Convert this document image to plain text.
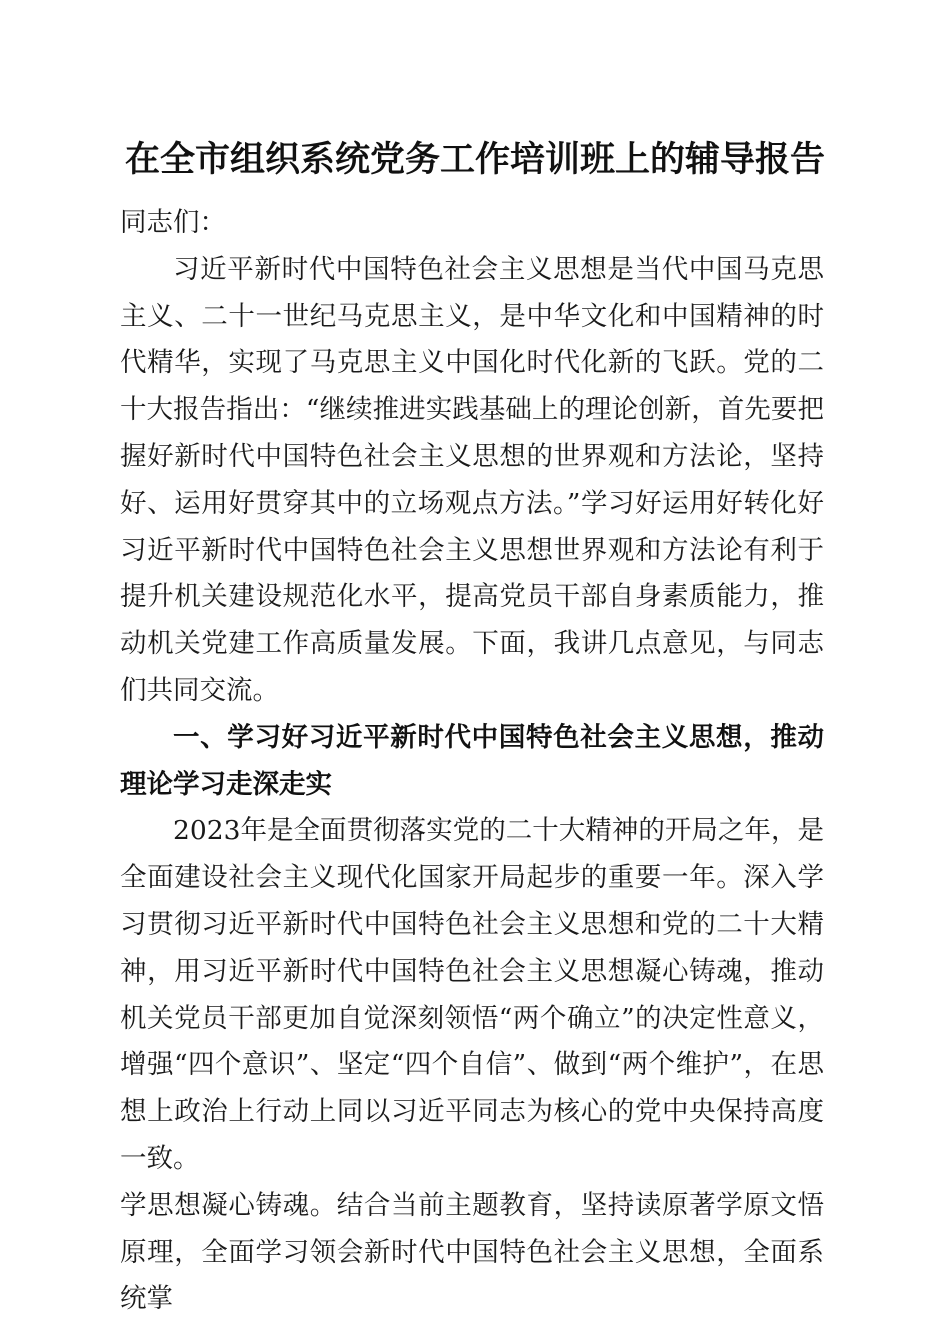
在全市组织系统党务工作培训班上的辅导报告

同志们：

习近平新时代中国特色社会主义思想是当代中国马克思主义、二十一世纪马克思主义，是中华文化和中国精神的时代精华，实现了马克思主义中国化时代化新的飞跃。党的二十大报告指出：“继续推进实践基础上的理论创新，首先要把握好新时代中国特色社会主义思想的世界观和方法论，坚持好、运用好贯穿其中的立场观点方法。”学习好运用好转化好习近平新时代中国特色社会主义思想世界观和方法论有利于提升机关建设规范化水平，提高党员干部自身素质能力，推动机关党建工作高质量发展。下面，我讲几点意见，与同志们共同交流。

一、学习好习近平新时代中国特色社会主义思想，推动理论学习走深走实

2023年是全面贯彻落实党的二十大精神的开局之年，是全面建设社会主义现代化国家开局起步的重要一年。深入学习贯彻习近平新时代中国特色社会主义思想和党的二十大精神，用习近平新时代中国特色社会主义思想凝心铸魂，推动机关党员干部更加自觉深刻领悟“两个确立”的决定性意义，增强“四个意识”、坚定“四个自信”、做到“两个维护”，在思想上政治上行动上同以习近平同志为核心的党中央保持高度一致。

学思想凝心铸魂。结合当前主题教育，坚持读原著学原文悟原理，全面学习领会新时代中国特色社会主义思想，全面系统掌
